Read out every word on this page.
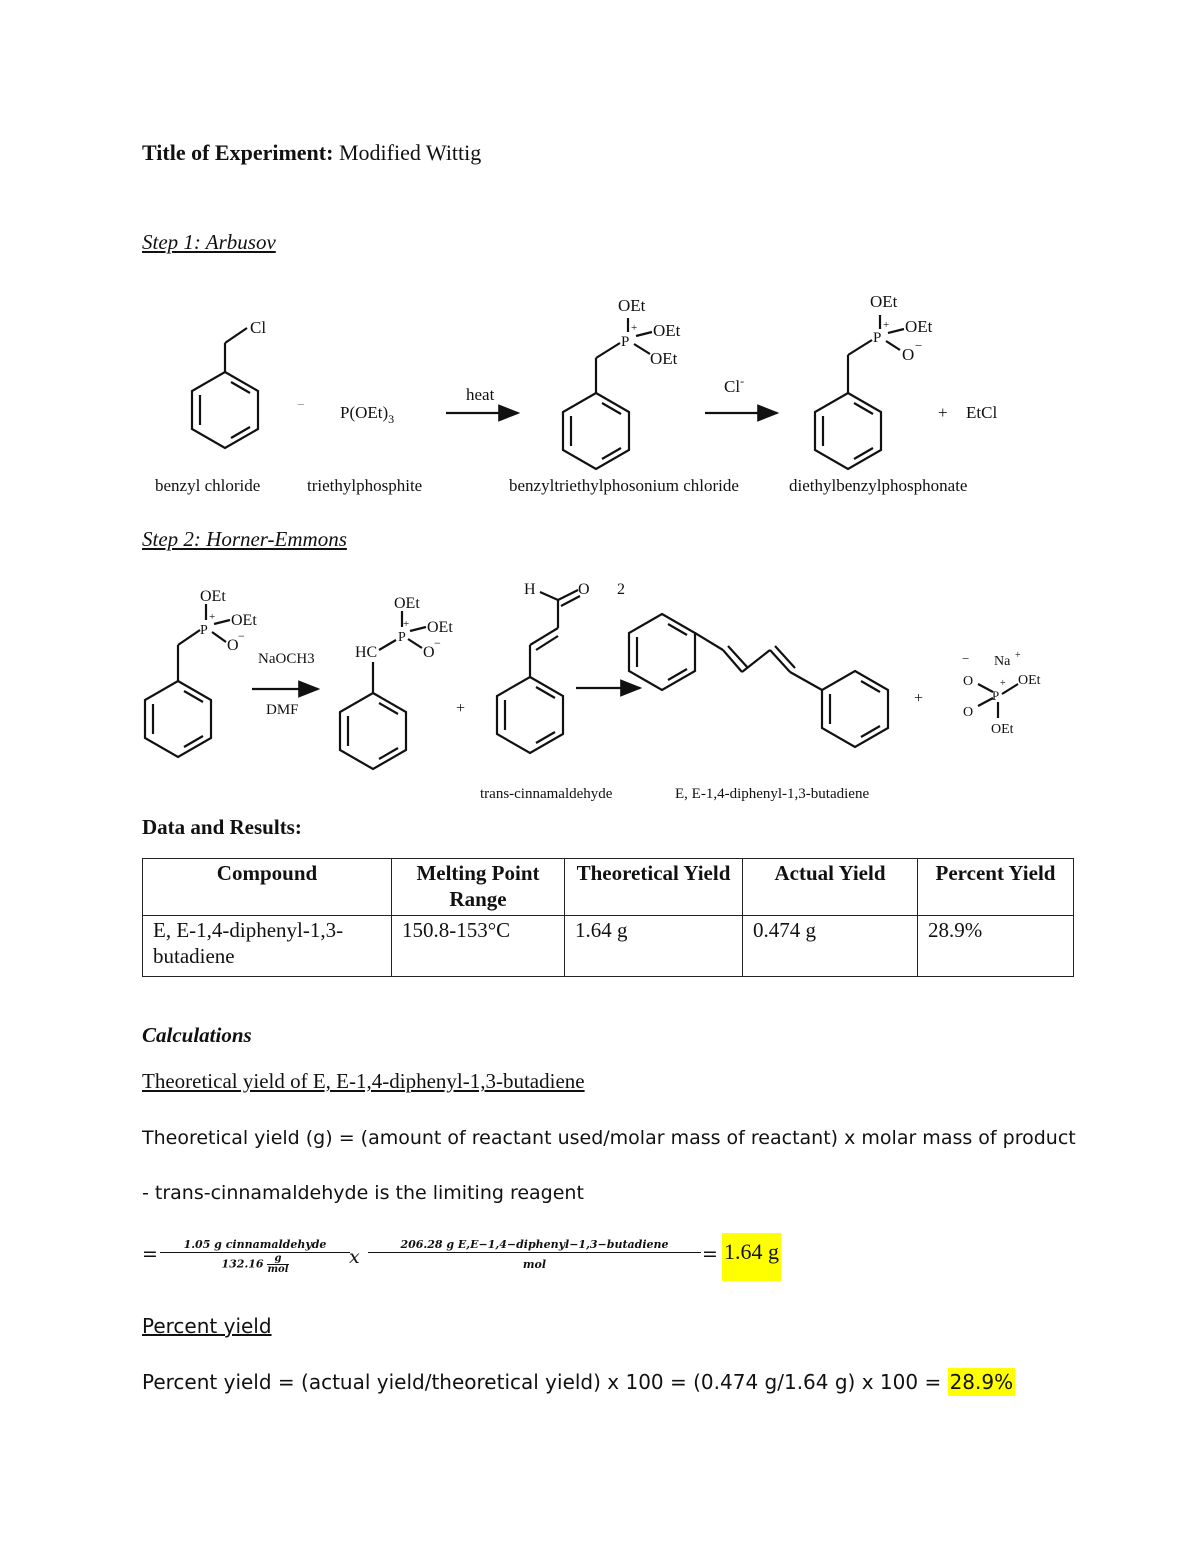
Title of Experiment: Modified Wittig
Step 1: Arbusov
Cl
− $P(OEt)_3$
heat	Cl-
OEt
P
+ OEt
OEt
OEt
P
+ OEt
O −
+ EtCl
benzyl chloride	triethylphosphite	benzyltriethylphosonium chloride	diethylbenzylphosphonate
OEt
P
+ OEt
O
−
NaOCH3
DMF
OEt
P
+ OEt
O
−
HC
+
H	O 2
+
− Na +
O
P
+ OEt
O
OEt
trans-cinnamaldehyde	E, E-1,4-diphenyl-1,3-butadiene
Step 2: Horner-Emmons
Data and Results:
Compound	Melting Point Range	Theoretical Yield	Actual Yield	Percent Yield
E, E-1,4-diphenyl-1,3-butadiene	150.8-153°C	1.64 g	0.474 g	28.9%
Calculations
Theoretical yield of E, E-1,4-diphenyl-1,3-butadiene
Theoretical yield (g) = (amount of reactant used/molar mass of reactant) x molar mass of product
- trans-cinnamaldehyde is the limiting reagent
=	1.05 g cinnamaldehyde
132.16	g
mol
x
206.28 g E,E−1,4−diphenyl−1,3−butadiene
mol	= 1.64 g
Percent yield
Percent yield = (actual yield/theoretical yield) x 100 = (0.474 g/1.64 g) x 100 = 28.9%
